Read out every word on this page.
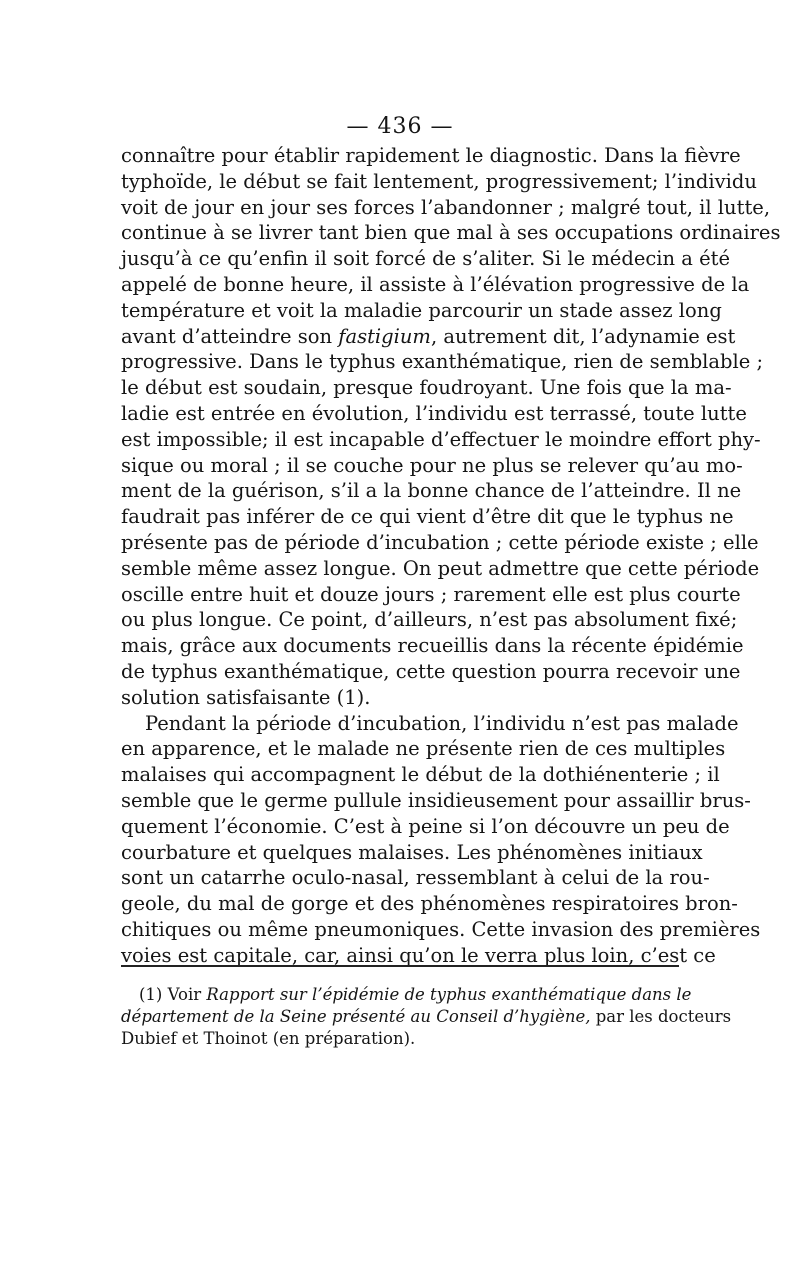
— 436 —
connaître pour établir rapidement le diagnostic. Dans la fièvre
typhoïde, le début se fait lentement, progressivement; l’individu
voit de jour en jour ses forces l’abandonner ; malgré tout, il lutte,
continue à se livrer tant bien que mal à ses occupations ordinaires
jusqu’à ce qu’enfin il soit forcé de s’aliter. Si le médecin a été
appelé de bonne heure, il assiste à l’élévation progressive de la
température et voit la maladie parcourir un stade assez long
avant d’atteindre son fastigium, autrement dit, l’adynamie est
progressive. Dans le typhus exanthématique, rien de semblable ;
le début est soudain, presque foudroyant. Une fois que la ma-
ladie est entrée en évolution, l’individu est terrassé, toute lutte
est impossible; il est incapable d’effectuer le moindre effort phy-
sique ou moral ; il se couche pour ne plus se relever qu’au mo-
ment de la guérison, s’il a la bonne chance de l’atteindre. Il ne
faudrait pas inférer de ce qui vient d’être dit que le typhus ne
présente pas de période d’incubation ; cette période existe ; elle
semble même assez longue. On peut admettre que cette période
oscille entre huit et douze jours ; rarement elle est plus courte
ou plus longue. Ce point, d’ailleurs, n’est pas absolument fixé;
mais, grâce aux documents recueillis dans la récente épidémie
de typhus exanthématique, cette question pourra recevoir une
solution satisfaisante (1).
Pendant la période d’incubation, l’individu n’est pas malade
en apparence, et le malade ne présente rien de ces multiples
malaises qui accompagnent le début de la dothiénenterie ; il
semble que le germe pullule insidieusement pour assaillir brus-
quement l’économie. C’est à peine si l’on découvre un peu de
courbature et quelques malaises. Les phénomènes initiaux
sont un catarrhe oculo-nasal, ressemblant à celui de la rou-
geole, du mal de gorge et des phénomènes respiratoires bron-
chitiques ou même pneumoniques. Cette invasion des premières
voies est capitale, car, ainsi qu’on le verra plus loin, c’est ce
(1) Voir Rapport sur l’épidémie de typhus exanthématique dans le
département de la Seine présenté au Conseil d’hygiène, par les docteurs
Dubief et Thoinot (en préparation).
